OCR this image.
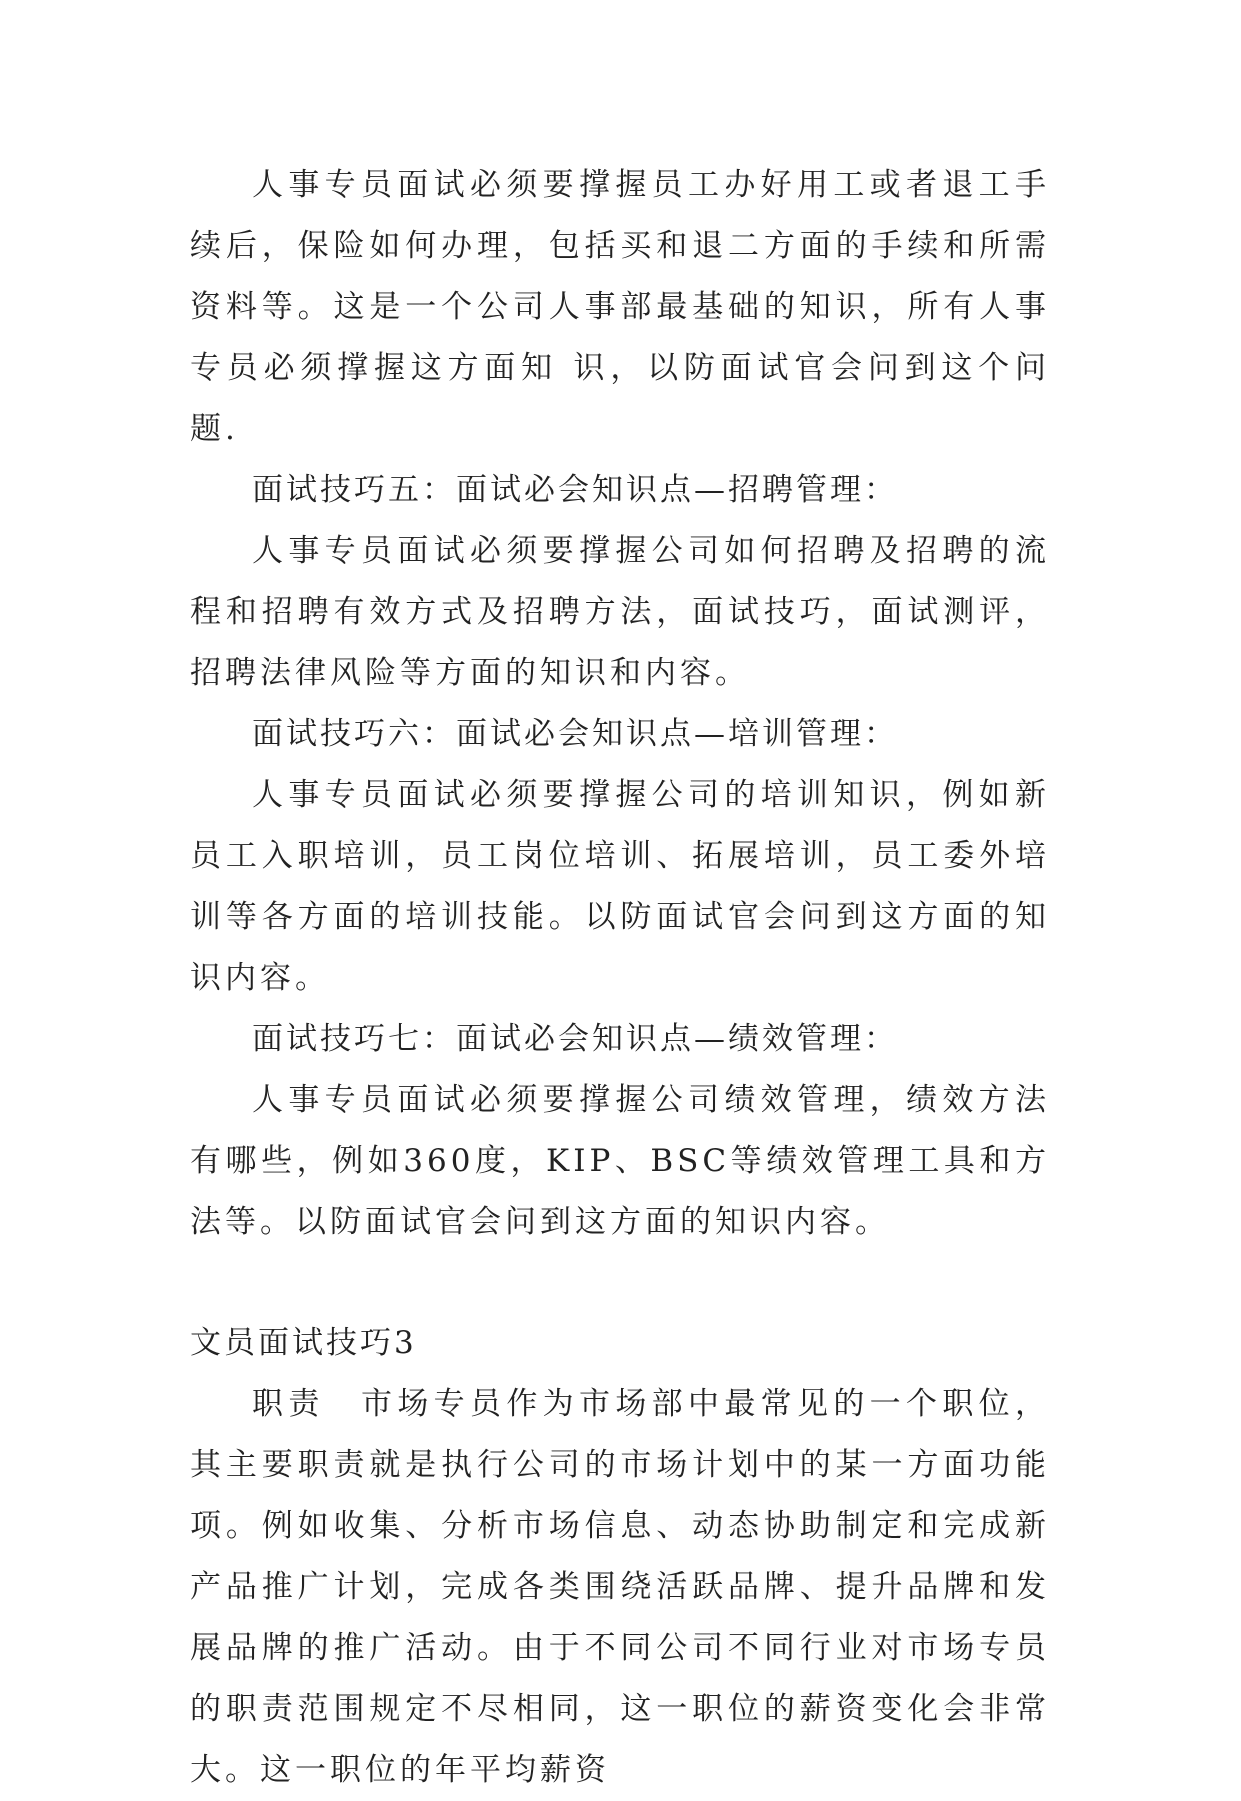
人事专员面试必须要撑握员工办好用工或者退工手续后，保险如何办理，包括买和退二方面的手续和所需资料等。这是一个公司人事部最基础的知识，所有人事专员必须撑握这方面知 识，以防面试官会问到这个问题.

面试技巧五：面试必会知识点—招聘管理：

人事专员面试必须要撑握公司如何招聘及招聘的流程和招聘有效方式及招聘方法，面试技巧，面试测评，招聘法律风险等方面的知识和内容。

面试技巧六：面试必会知识点—培训管理：

人事专员面试必须要撑握公司的培训知识，例如新员工入职培训，员工岗位培训、拓展培训，员工委外培训等各方面的培训技能。以防面试官会问到这方面的知识内容。

面试技巧七：面试必会知识点—绩效管理：

人事专员面试必须要撑握公司绩效管理，绩效方法有哪些，例如360度，KIP、BSC等绩效管理工具和方法等。以防面试官会问到这方面的知识内容。

文员面试技巧3

职责　市场专员作为市场部中最常见的一个职位，其主要职责就是执行公司的市场计划中的某一方面功能项。例如收集、分析市场信息、动态协助制定和完成新产品推广计划，完成各类围绕活跃品牌、提升品牌和发展品牌的推广活动。由于不同公司不同行业对市场专员的职责范围规定不尽相同，这一职位的薪资变化会非常大。这一职位的年平均薪资
